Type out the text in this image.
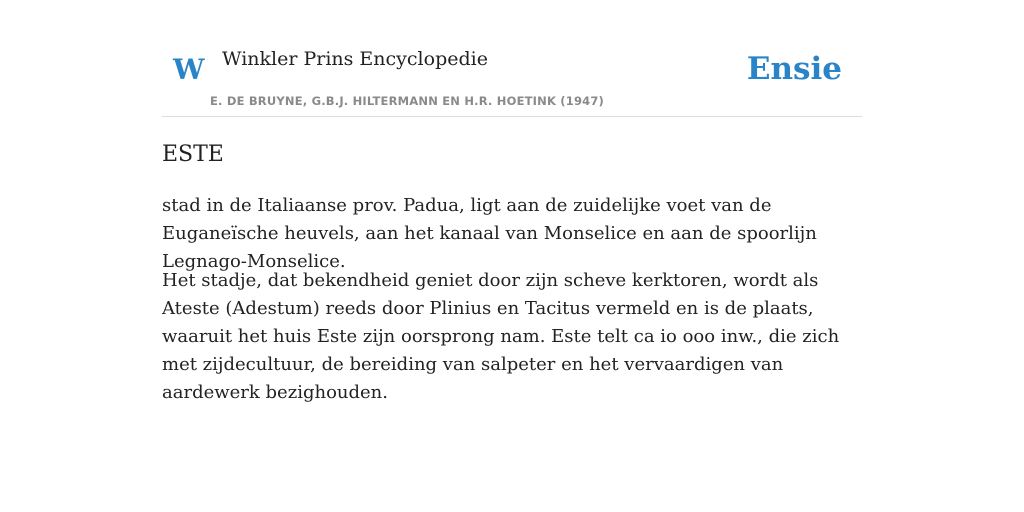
W Winkler Prins Encyclopedie
E. DE BRUYNE, G.B.J. HILTERMANN EN H.R. HOETINK (1947)
Ensie
ESTE

stad in de Italiaanse prov. Padua, ligt aan de zuidelijke voet van de Euganeïsche heuvels, aan het kanaal van Monselice en aan de spoorlijn Legnago-Monselice.

Het stadje, dat bekendheid geniet door zijn scheve kerktoren, wordt als Ateste (Adestum) reeds door Plinius en Tacitus vermeld en is de plaats, waaruit het huis Este zijn oorsprong nam. Este telt ca io ooo inw., die zich met zijdecultuur, de bereiding van salpeter en het vervaardigen van aardewerk bezighouden.
